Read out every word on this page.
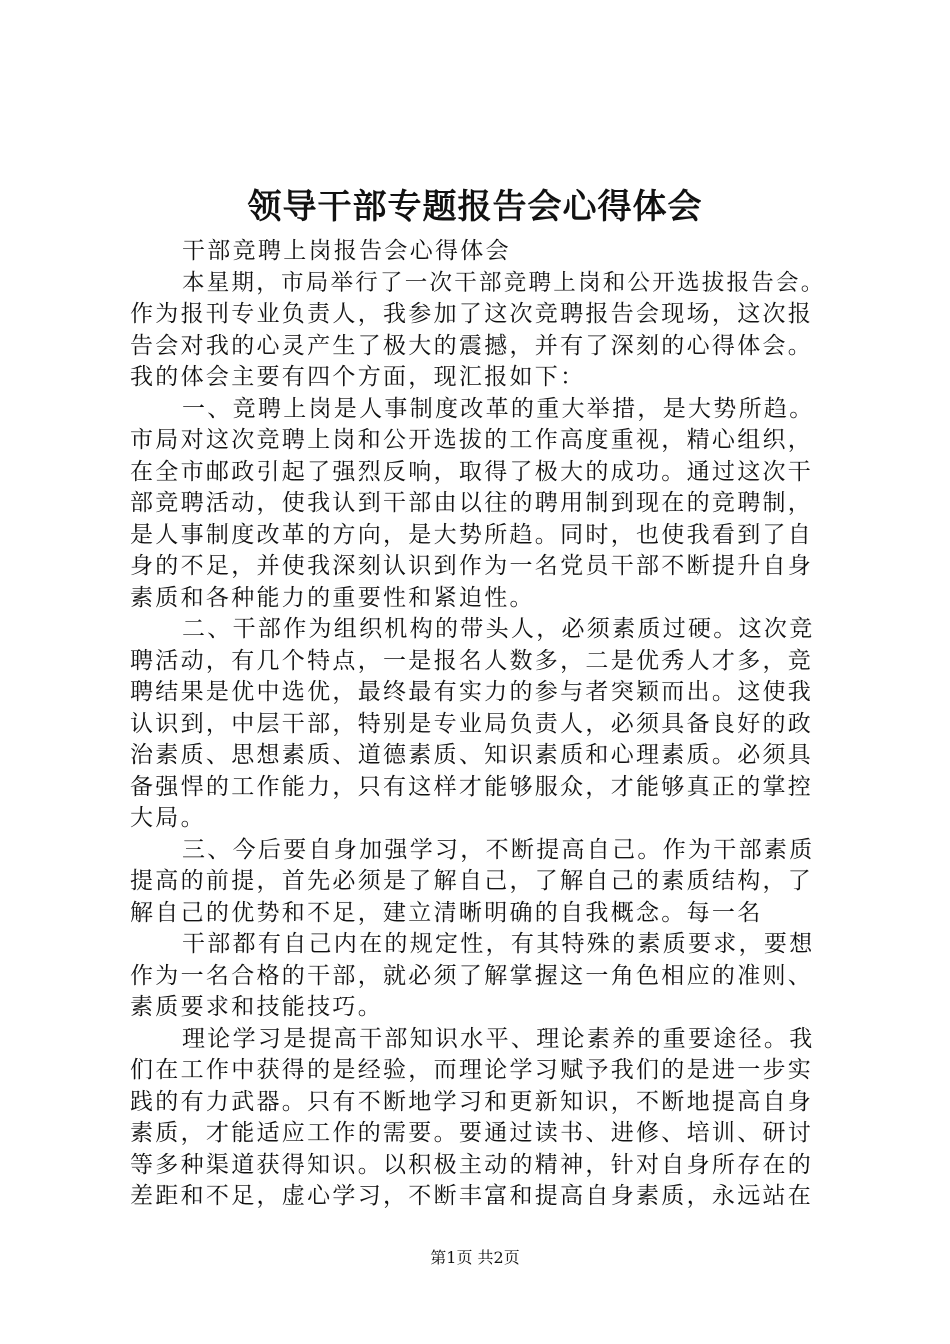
领导干部专题报告会心得体会
干部竞聘上岗报告会心得体会
本星期，市局举行了一次干部竞聘上岗和公开选拔报告会。
作为报刊专业负责人，我参加了这次竞聘报告会现场，这次报
告会对我的心灵产生了极大的震撼，并有了深刻的心得体会。
我的体会主要有四个方面，现汇报如下：
一、竞聘上岗是人事制度改革的重大举措，是大势所趋。
市局对这次竞聘上岗和公开选拔的工作高度重视，精心组织，
在全市邮政引起了强烈反响，取得了极大的成功。通过这次干
部竞聘活动，使我认到干部由以往的聘用制到现在的竞聘制，
是人事制度改革的方向，是大势所趋。同时，也使我看到了自
身的不足，并使我深刻认识到作为一名党员干部不断提升自身
素质和各种能力的重要性和紧迫性。
二、干部作为组织机构的带头人，必须素质过硬。这次竞
聘活动，有几个特点，一是报名人数多，二是优秀人才多，竞
聘结果是优中选优，最终最有实力的参与者突颖而出。这使我
认识到，中层干部，特别是专业局负责人，必须具备良好的政
治素质、思想素质、道德素质、知识素质和心理素质。必须具
备强悍的工作能力，只有这样才能够服众，才能够真正的掌控
大局。
三、今后要自身加强学习，不断提高自己。作为干部素质
提高的前提，首先必须是了解自己，了解自己的素质结构，了
解自己的优势和不足，建立清晰明确的自我概念。每一名
干部都有自己内在的规定性，有其特殊的素质要求，要想
作为一名合格的干部，就必须了解掌握这一角色相应的准则、
素质要求和技能技巧。
理论学习是提高干部知识水平、理论素养的重要途径。我
们在工作中获得的是经验，而理论学习赋予我们的是进一步实
践的有力武器。只有不断地学习和更新知识，不断地提高自身
素质，才能适应工作的需要。要通过读书、进修、培训、研讨
等多种渠道获得知识。以积极主动的精神，针对自身所存在的
差距和不足，虚心学习，不断丰富和提高自身素质，永远站在
第1页 共2页
